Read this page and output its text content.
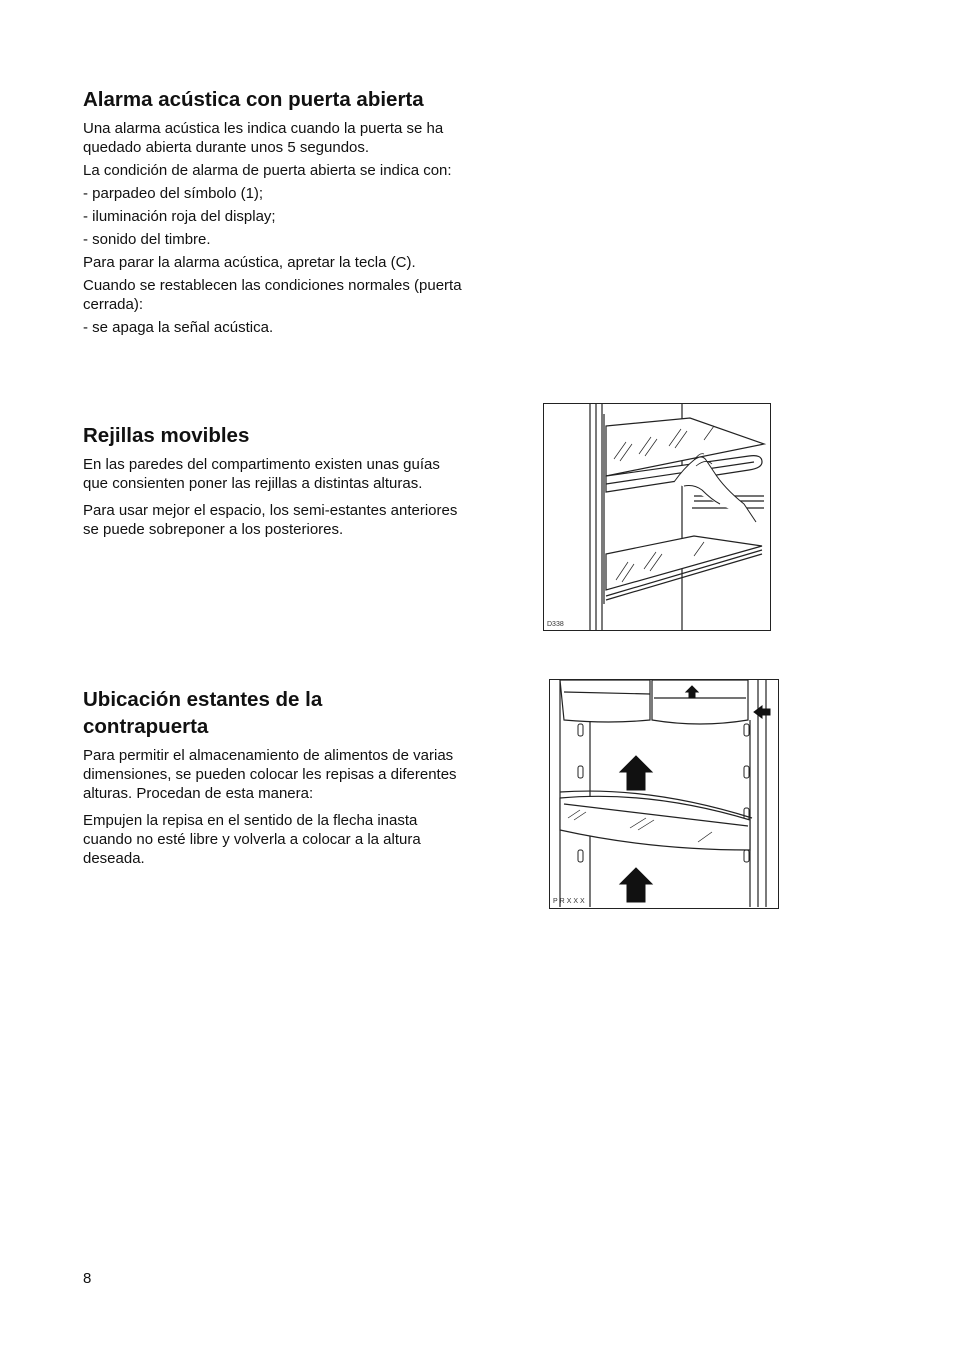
Alarma acústica con puerta abierta

Una alarma acústica les indica cuando la puerta se ha quedado abierta durante unos 5 segundos.

La condición de alarma de puerta abierta se indica con:

- parpadeo del símbolo (1);

- iluminación roja del display;

- sonido del timbre.

Para parar la alarma acústica, apretar la tecla (C).

Cuando se restablecen las condiciones normales (puerta cerrada):

- se apaga la señal acústica.

Rejillas movibles

En las paredes del compartimento existen unas guías que consienten poner las rejillas a distintas alturas.

Para usar mejor el espacio, los semi-estantes anteriores se puede sobreponer a los posteriores.

Ubicación estantes de la
contrapuerta

Para permitir el almacenamiento de alimentos de varias dimensiones, se pueden colocar les repisas a diferentes alturas. Procedan de esta manera:

Empujen la repisa en el sentido de la flecha inasta cuando no esté libre y volverla a colocar a la altura deseada.

D338
PRXXX
8
